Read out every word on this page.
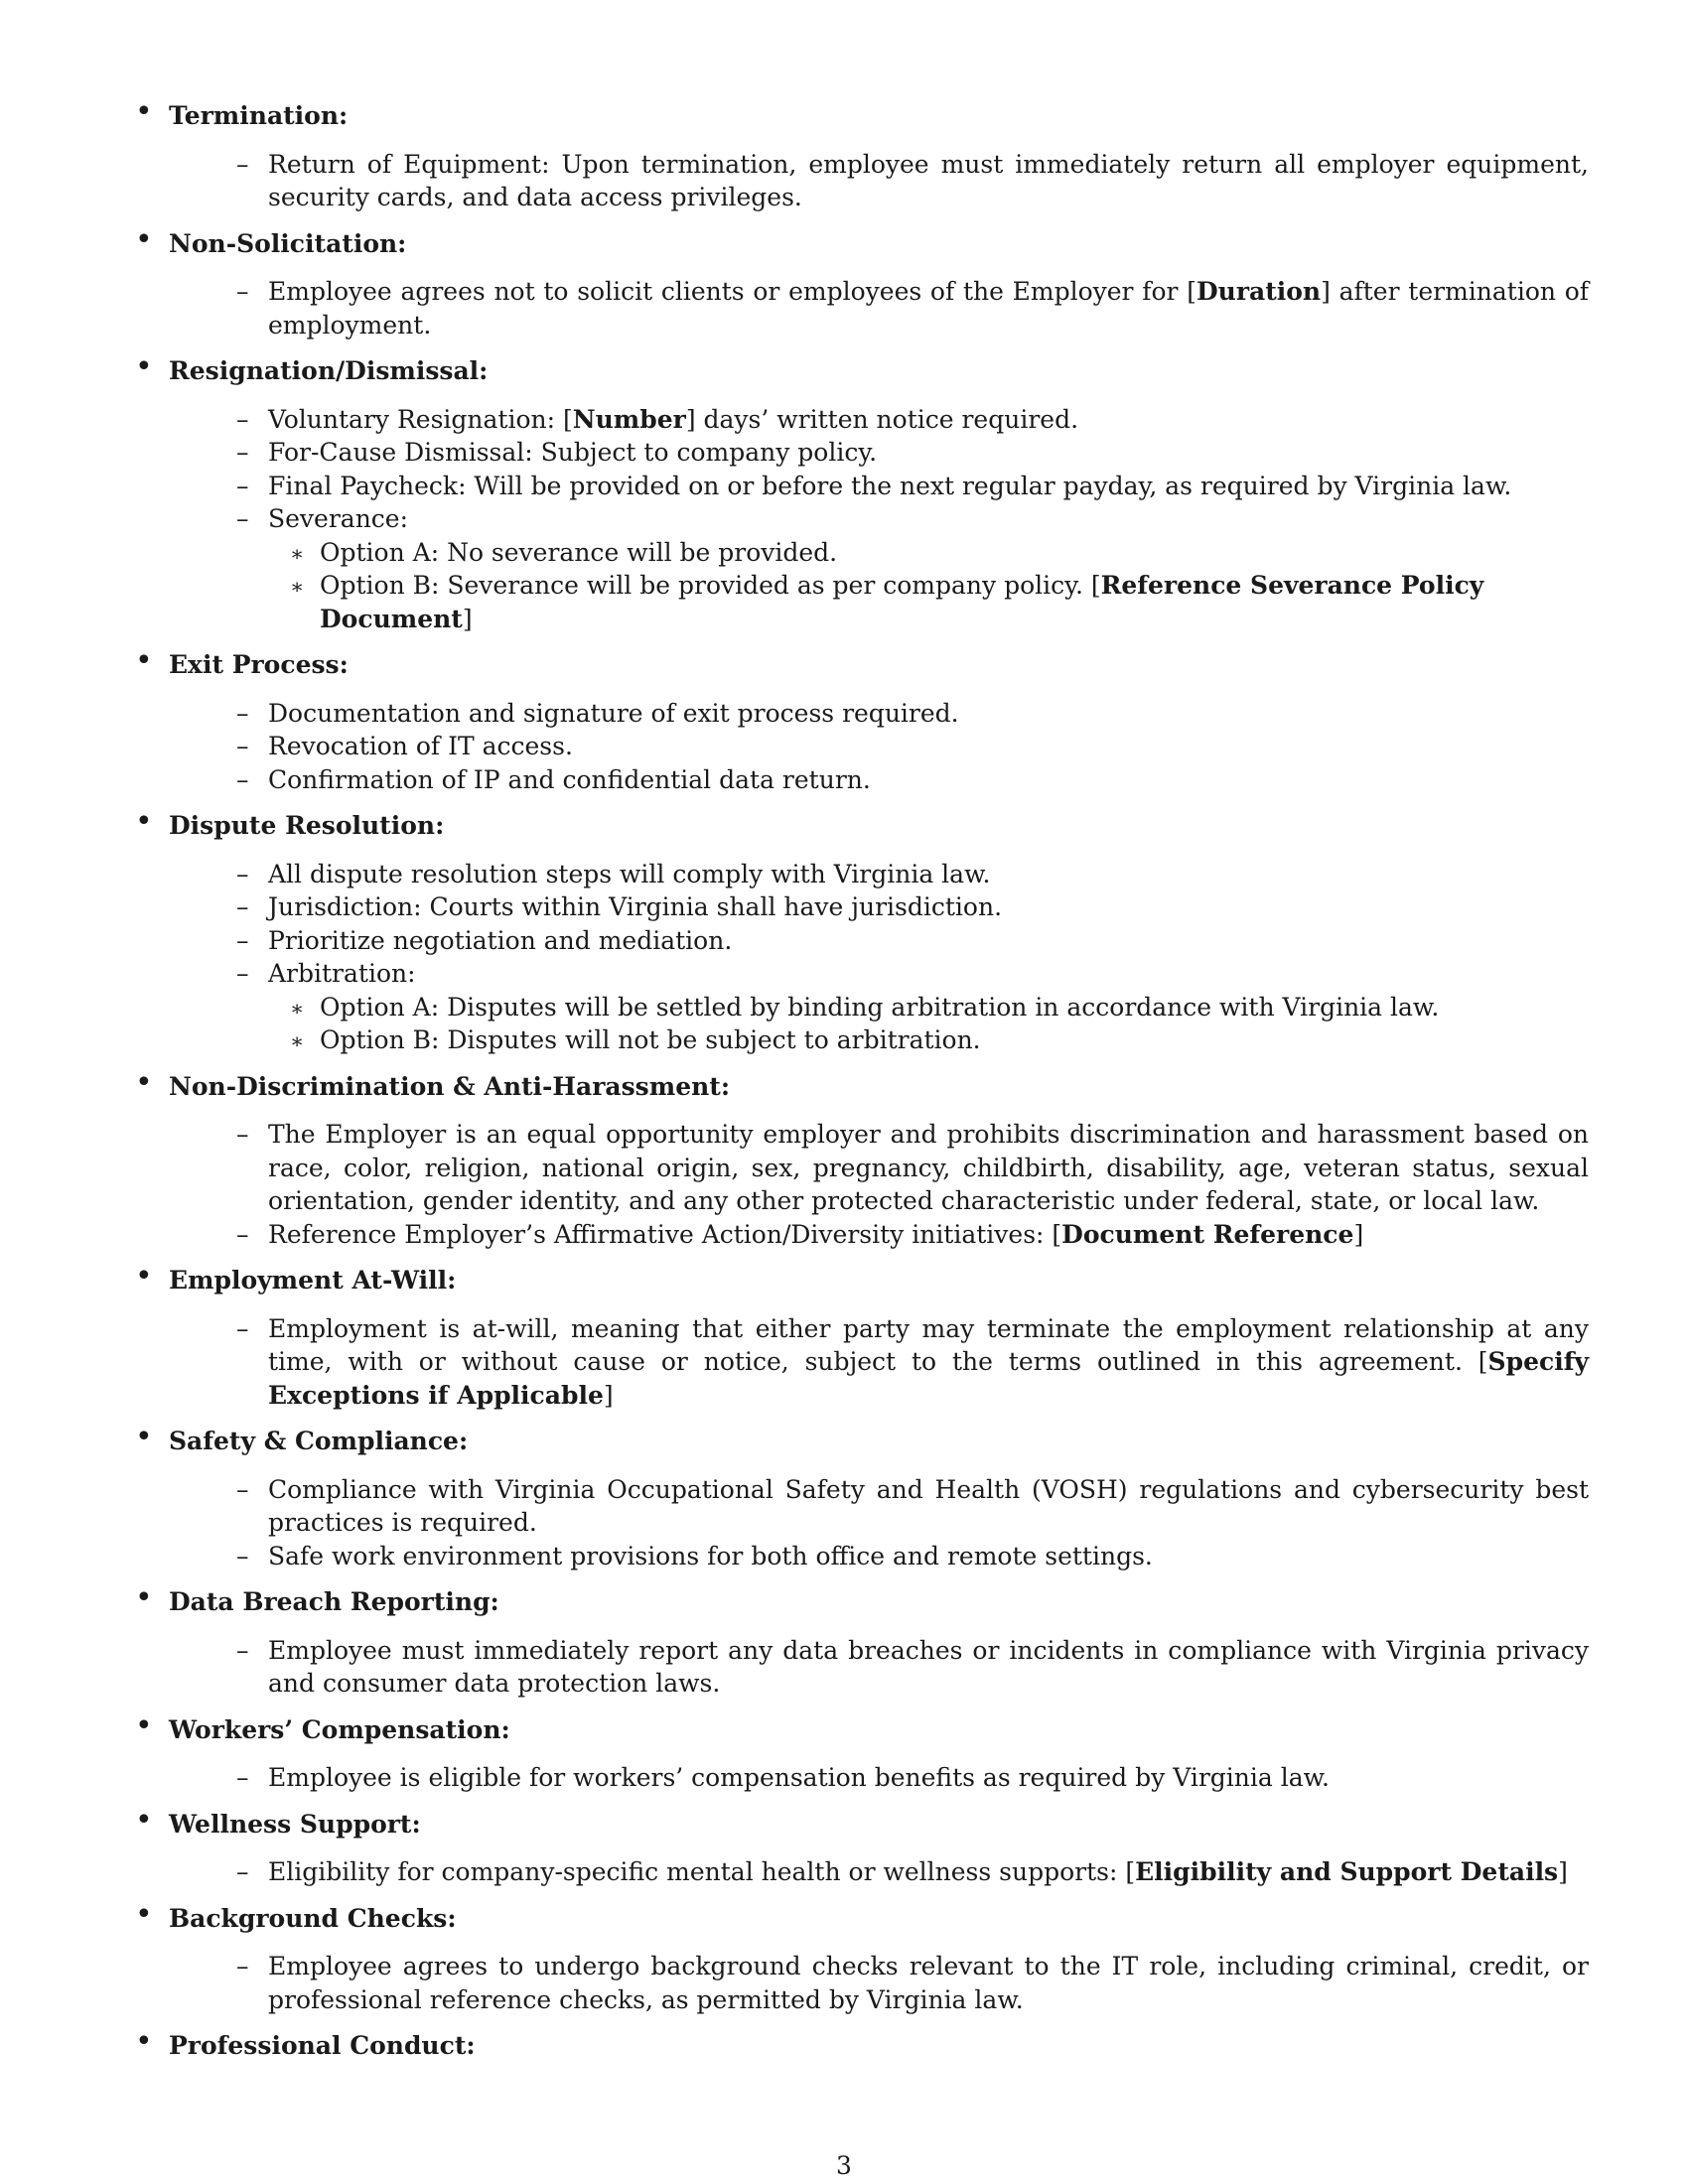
• Termination:
– Return of Equipment: Upon termination, employee must immediately return all employer equipment, security cards, and data access privileges.
• Non-Solicitation:
– Employee agrees not to solicit clients or employees of the Employer for [Duration] after termination of employment.
• Resignation/Dismissal:
– Voluntary Resignation: [Number] days’ written notice required.
– For-Cause Dismissal: Subject to company policy.
– Final Paycheck: Will be provided on or before the next regular payday, as required by Virginia law.
– Severance:
∗ Option A: No severance will be provided.
∗ Option B: Severance will be provided as per company policy. [Reference Severance Policy Document]
• Exit Process:
– Documentation and signature of exit process required.
– Revocation of IT access.
– Confirmation of IP and confidential data return.
• Dispute Resolution:
– All dispute resolution steps will comply with Virginia law.
– Jurisdiction: Courts within Virginia shall have jurisdiction.
– Prioritize negotiation and mediation.
– Arbitration:
∗ Option A: Disputes will be settled by binding arbitration in accordance with Virginia law.
∗ Option B: Disputes will not be subject to arbitration.
• Non-Discrimination & Anti-Harassment:
– The Employer is an equal opportunity employer and prohibits discrimination and harassment based on race, color, religion, national origin, sex, pregnancy, childbirth, disability, age, veteran status, sexual orientation, gender identity, and any other protected characteristic under federal, state, or local law.
– Reference Employer’s Affirmative Action/Diversity initiatives: [Document Reference]
• Employment At-Will:
– Employment is at-will, meaning that either party may terminate the employment relationship at any time, with or without cause or notice, subject to the terms outlined in this agreement. [Specify Exceptions if Applicable]
• Safety & Compliance:
– Compliance with Virginia Occupational Safety and Health (VOSH) regulations and cybersecurity best practices is required.
– Safe work environment provisions for both office and remote settings.
• Data Breach Reporting:
– Employee must immediately report any data breaches or incidents in compliance with Virginia privacy and consumer data protection laws.
• Workers’ Compensation:
– Employee is eligible for workers’ compensation benefits as required by Virginia law.
• Wellness Support:
– Eligibility for company-specific mental health or wellness supports: [Eligibility and Support Details]
• Background Checks:
– Employee agrees to undergo background checks relevant to the IT role, including criminal, credit, or professional reference checks, as permitted by Virginia law.
• Professional Conduct:
3
